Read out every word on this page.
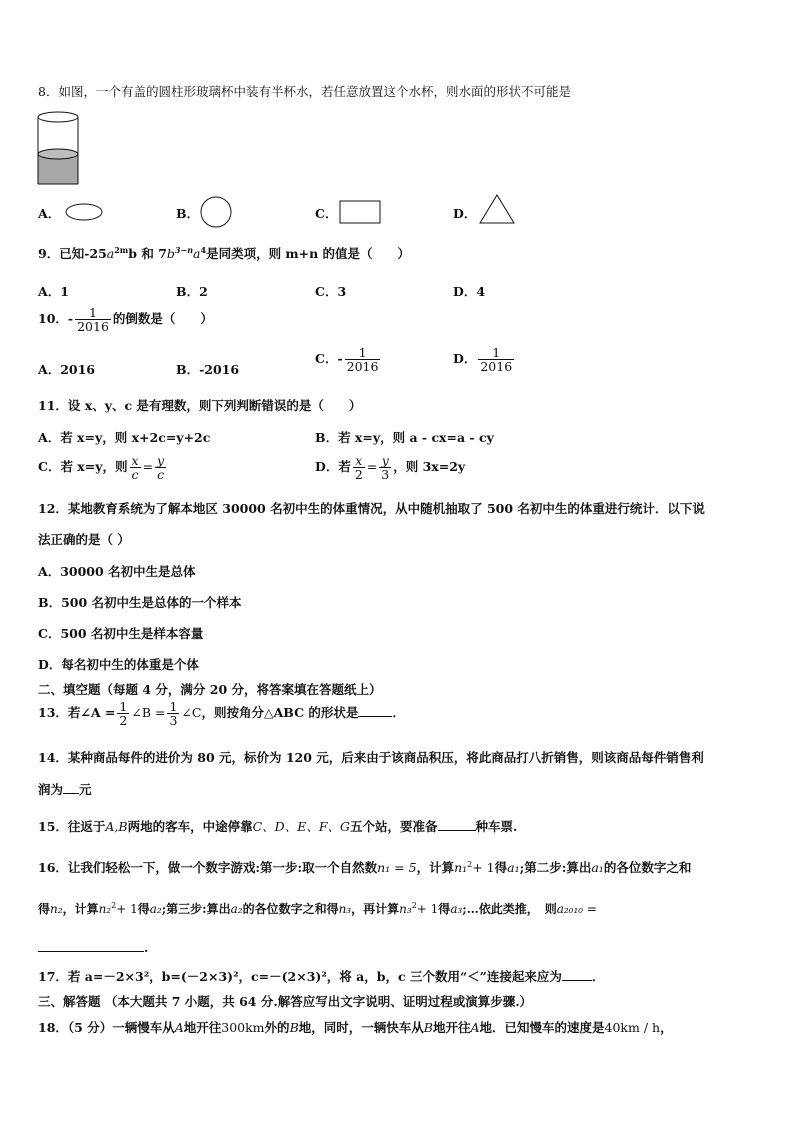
8．如图，一个有盖的圆柱形玻璃杯中装有半杯水，若任意放置这个水杯，则水面的形状不可能是
A．	B．	C．	D．
9．已知$-25a^{2m}b$ 和 $7b^{3-n}a^4$是同类项，则 m+n 的值是（　　）
A．1	B．2	C．3	D．4
10．- $\frac{1}{2016}$ 的倒数是（　　）
A．2016	B．-2016
C．- $\frac{1}{2016}$	D． $\frac{1}{2016}$
11．设 x、y、c 是有理数，则下列判断错误的是（　　）
A．若 x=y，则 x+2c=y+2c	B．若 x=y，则 a - cx=a - cy
C．若 x=y，则 $\frac{x}{c} = \frac{y}{c}$	D．若 $\frac{x}{2} = \frac{y}{3}$ ，则 3x=2y
12．某地教育系统为了解本地区 30000 名初中生的体重情况，从中随机抽取了 500 名初中生的体重进行统计．以下说
法正确的是（ ）
A．30000 名初中生是总体
B．500 名初中生是总体的一个样本
C．500 名初中生是样本容量
D．每名初中生的体重是个体
二、填空题（每题 4 分，满分 20 分，将答案填在答题纸上）
13．若∠A = $\frac{1}{2}$ ∠B = $\frac{1}{3}$ ∠C，则按角分△ABC 的形状是	．
14．某种商品每件的进价为 80 元，标价为 120 元，后来由于该商品积压，将此商品打八折销售，则该商品每件销售利
润为 元
15．往返于A,B两地的客车，中途停靠C、D、E、F、G五个站，要准备	种车票.
16．让我们轻松一下，做一个数字游戏:第一步:取一个自然数n₁ = 5，计算n₁$^2$+ 1得a₁;第二步:算出a₁的各位数字之和
得n₂，计算n₂$^2$+ 1得a₂;第三步:算出a₂的各位数字之和得n₃，再计算n₃$^2$+ 1得a₃;…依此类推，　则a₂₀₁₀ =
.
17．若 a=－2×3²，b=(－2×3)²，c=－(2×3)²，将 a，b，c 三个数用“＜”连接起来应为 ．
三、解答题 （本大题共 7 小题，共 64 分.解答应写出文字说明、证明过程或演算步骤.）
18．（5 分）一辆慢车从A地开往300km外的B地，同时，一辆快车从B地开往A地．已知慢车的速度是40km / h，
